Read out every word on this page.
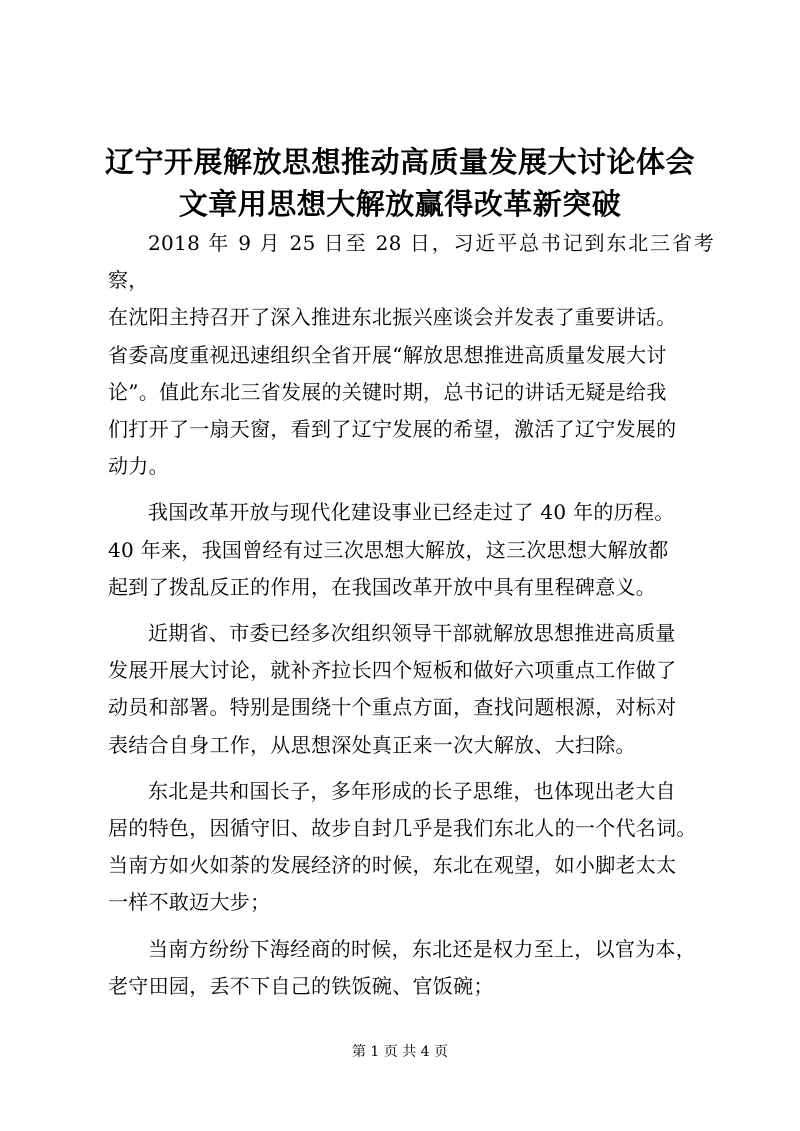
辽宁开展解放思想推动高质量发展大讨论体会
文章用思想大解放赢得改革新突破

2018 年 9 月 25 日至 28 日，习近平总书记到东北三省考察，
在沈阳主持召开了深入推进东北振兴座谈会并发表了重要讲话。
省委高度重视迅速组织全省开展“解放思想推进高质量发展大讨
论”。值此东北三省发展的关键时期，总书记的讲话无疑是给我
们打开了一扇天窗，看到了辽宁发展的希望，激活了辽宁发展的
动力。

我国改革开放与现代化建设事业已经走过了 40 年的历程。
40 年来，我国曾经有过三次思想大解放，这三次思想大解放都
起到了拨乱反正的作用，在我国改革开放中具有里程碑意义。

近期省、市委已经多次组织领导干部就解放思想推进高质量
发展开展大讨论，就补齐拉长四个短板和做好六项重点工作做了
动员和部署。特别是围绕十个重点方面，查找问题根源，对标对
表结合自身工作，从思想深处真正来一次大解放、大扫除。

东北是共和国长子，多年形成的长子思维，也体现出老大自
居的特色，因循守旧、故步自封几乎是我们东北人的一个代名词。
当南方如火如荼的发展经济的时候，东北在观望，如小脚老太太
一样不敢迈大步；

当南方纷纷下海经商的时候，东北还是权力至上，以官为本，
老守田园，丢不下自己的铁饭碗、官饭碗；

第 1 页 共 4 页
